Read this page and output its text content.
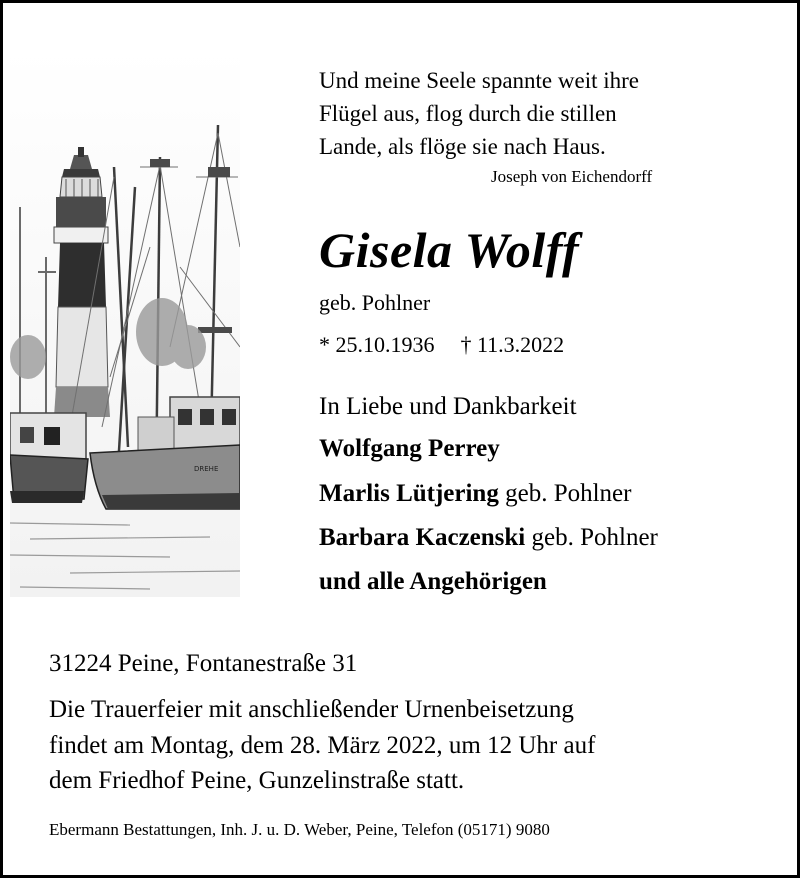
DREHE
Und meine Seele spannte weit ihre
Flügel aus, flog durch die stillen
Lande, als flöge sie nach Haus.
Joseph von Eichendorff
Gisela Wolff
geb. Pohlner
* 25.10.1936 † 11.3.2022
In Liebe und Dankbarkeit
Wolfgang Perrey
Marlis Lütjering geb. Pohlner
Barbara Kaczenski geb. Pohlner
und alle Angehörigen
31224 Peine, Fontanestraße 31
Die Trauerfeier mit anschließender Urnenbeisetzung
findet am Montag, dem 28. März 2022, um 12 Uhr auf
dem Friedhof Peine, Gunzelinstraße statt.
Ebermann Bestattungen, Inh. J. u. D. Weber, Peine, Telefon (05171) 9080
